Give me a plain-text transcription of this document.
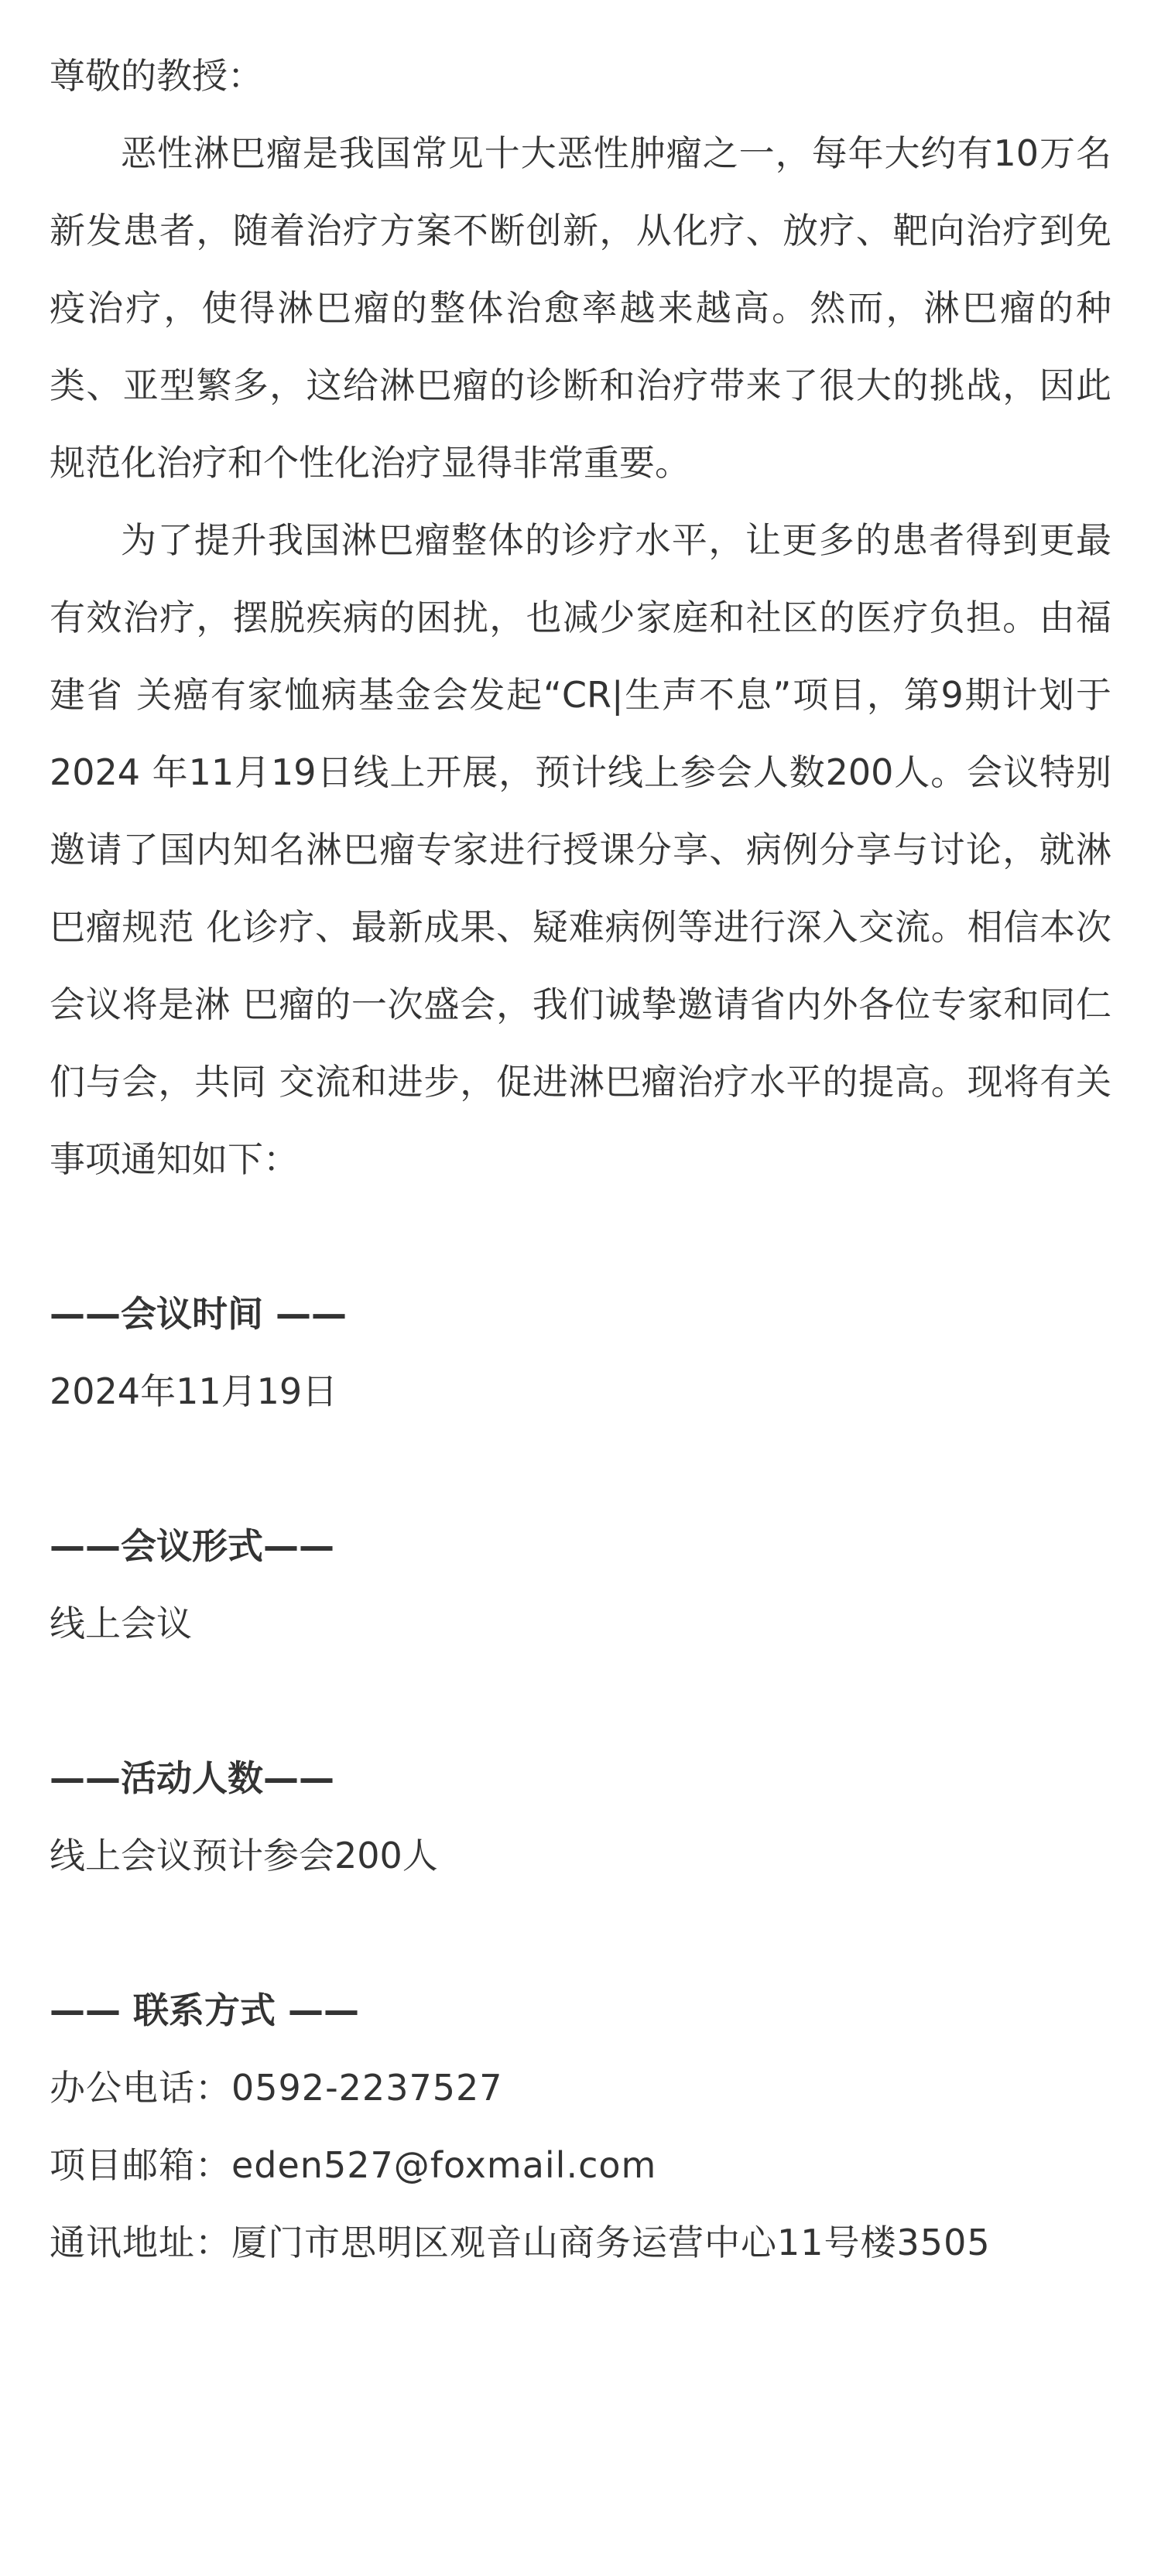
尊敬的教授：

恶性淋巴瘤是我国常见十大恶性肿瘤之一，每年大约有10万名 新发患者，随着治疗方案不断创新，从化疗、放疗、靶向治疗到免疫治疗，使得淋巴瘤的整体治愈率越来越高。然而，淋巴瘤的种类、亚型繁多，这给淋巴瘤的诊断和治疗带来了很大的挑战，因此规范化治疗和个性化治疗显得非常重要。

为了提升我国淋巴瘤整体的诊疗水平，让更多的患者得到更最有效治疗，摆脱疾病的困扰，也减少家庭和社区的医疗负担。由福建省 关癌有家恤病基金会发起“CR|生声不息”项目，第9期计划于2024 年11月19日线上开展，预计线上参会人数200人。会议特别邀请了国内知名淋巴瘤专家进行授课分享、病例分享与讨论，就淋巴瘤规范 化诊疗、最新成果、疑难病例等进行深入交流。相信本次会议将是淋 巴瘤的一次盛会，我们诚挚邀请省内外各位专家和同仁们与会，共同 交流和进步，促进淋巴瘤治疗水平的提高。现将有关事项通知如下：

——会议时间 ——

2024年11月19日

——会议形式——

线上会议

——活动人数——

线上会议预计参会200人

—— 联系方式 ——

办公电话：0592-2237527

项目邮箱：eden527@foxmail.com

通讯地址：厦门市思明区观音山商务运营中心11号楼3505
